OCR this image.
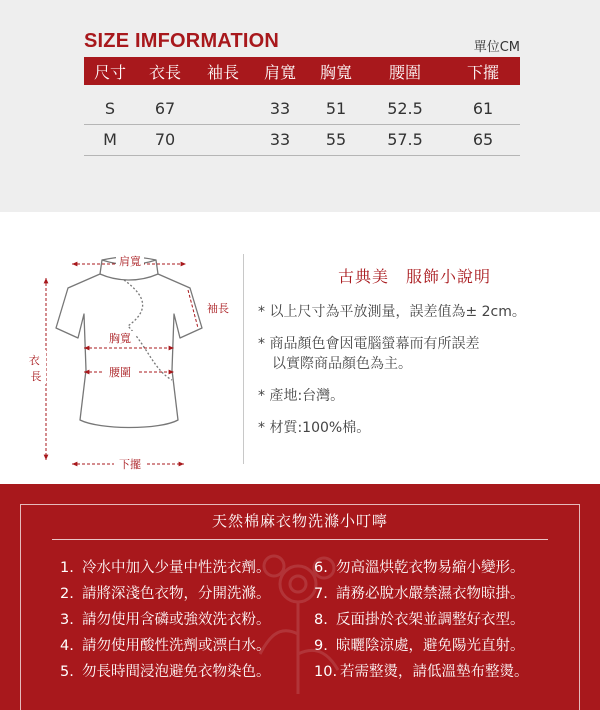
SIZE IMFORMATION	單位CM
尺寸	衣長	袖長	肩寬	胸寬	腰圍	下擺

S	67		33	51	52.5	61
M	70		33	55	57.5	65
肩寬
袖長
胸寬
腰圍
衣 長
下擺
古典美　服飾小說明
* 以上尺寸為平放測量，誤差值為± 2cm。
* 商品顏色會因電腦螢幕而有所誤差
　以實際商品顏色為主。
* 產地:台灣。
* 材質:100%棉。
天然棉麻衣物洗滌小叮嚀
1. 冷水中加入少量中性洗衣劑。
2. 請將深淺色衣物，分開洗滌。
3. 請勿使用含磷或強效洗衣粉。
4. 請勿使用酸性洗劑或漂白水。
5. 勿長時間浸泡避免衣物染色。
6. 勿高溫烘乾衣物易縮小變形。
7. 請務必脫水嚴禁濕衣物晾掛。
8. 反面掛於衣架並調整好衣型。
9. 晾曬陰涼處，避免陽光直射。
10. 若需整燙，請低溫墊布整燙。
